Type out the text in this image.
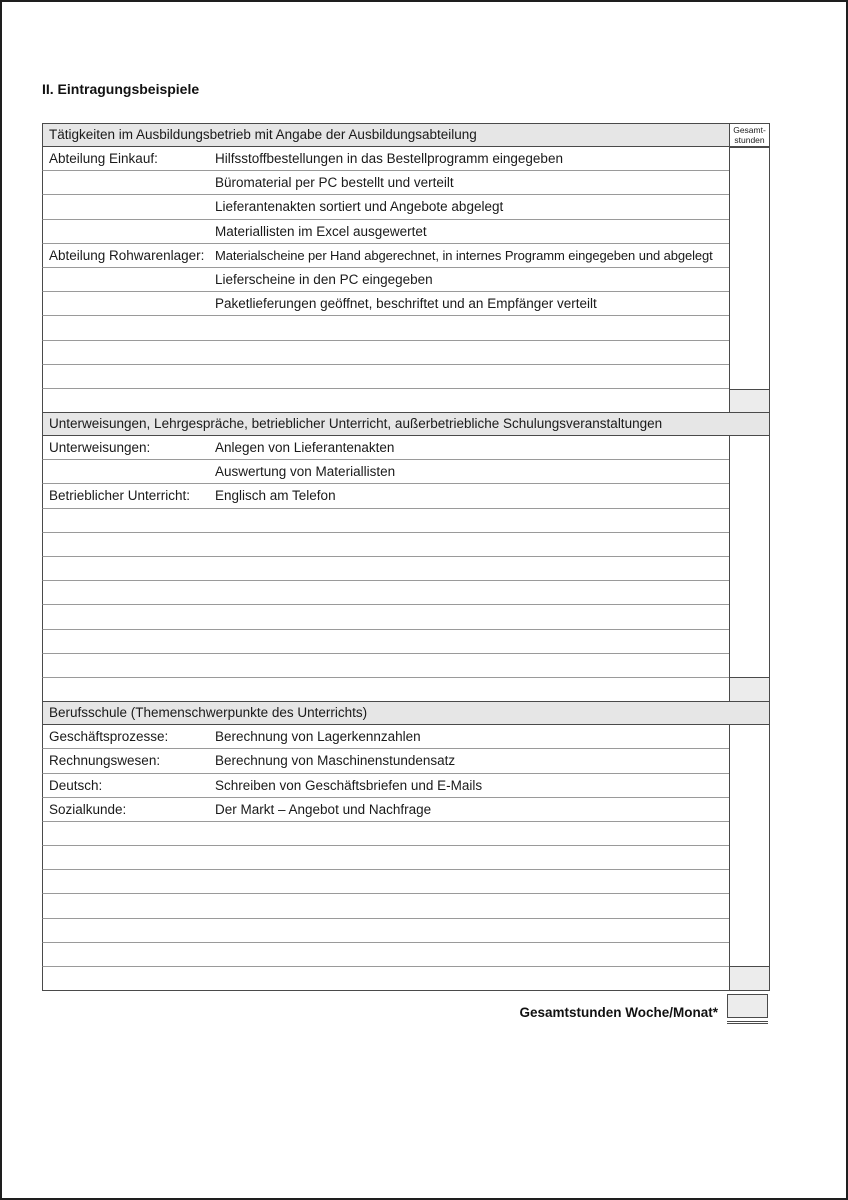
II. Eintragungsbeispiele
Tätigkeiten im Ausbildungsbetrieb mit Angabe der Ausbildungsabteilung	Gesamt-
stunden
Abteilung Einkauf:	Hilfsstoffbestellungen in das Bestellprogramm eingegeben
Büromaterial per PC bestellt und verteilt
Lieferantenakten sortiert und Angebote abgelegt
Materiallisten im Excel ausgewertet
Abteilung Rohwarenlager: Materialscheine per Hand abgerechnet, in internes Programm eingegeben und abgelegt
Lieferscheine in den PC eingegeben
Paketlieferungen geöffnet, beschriftet und an Empfänger verteilt
Unterweisungen, Lehrgespräche, betrieblicher Unterricht, außerbetriebliche Schulungsveranstaltungen
Unterweisungen:	Anlegen von Lieferantenakten
Auswertung von Materiallisten
Betrieblicher Unterricht: Englisch am Telefon
Berufsschule (Themenschwerpunkte des Unterrichts)
Geschäftsprozesse:	Berechnung von Lagerkennzahlen
Rechnungswesen:	Berechnung von Maschinenstundensatz
Deutsch:	Schreiben von Geschäftsbriefen und E-Mails
Sozialkunde:	Der Markt – Angebot und Nachfrage
Gesamtstunden Woche/Monat*
